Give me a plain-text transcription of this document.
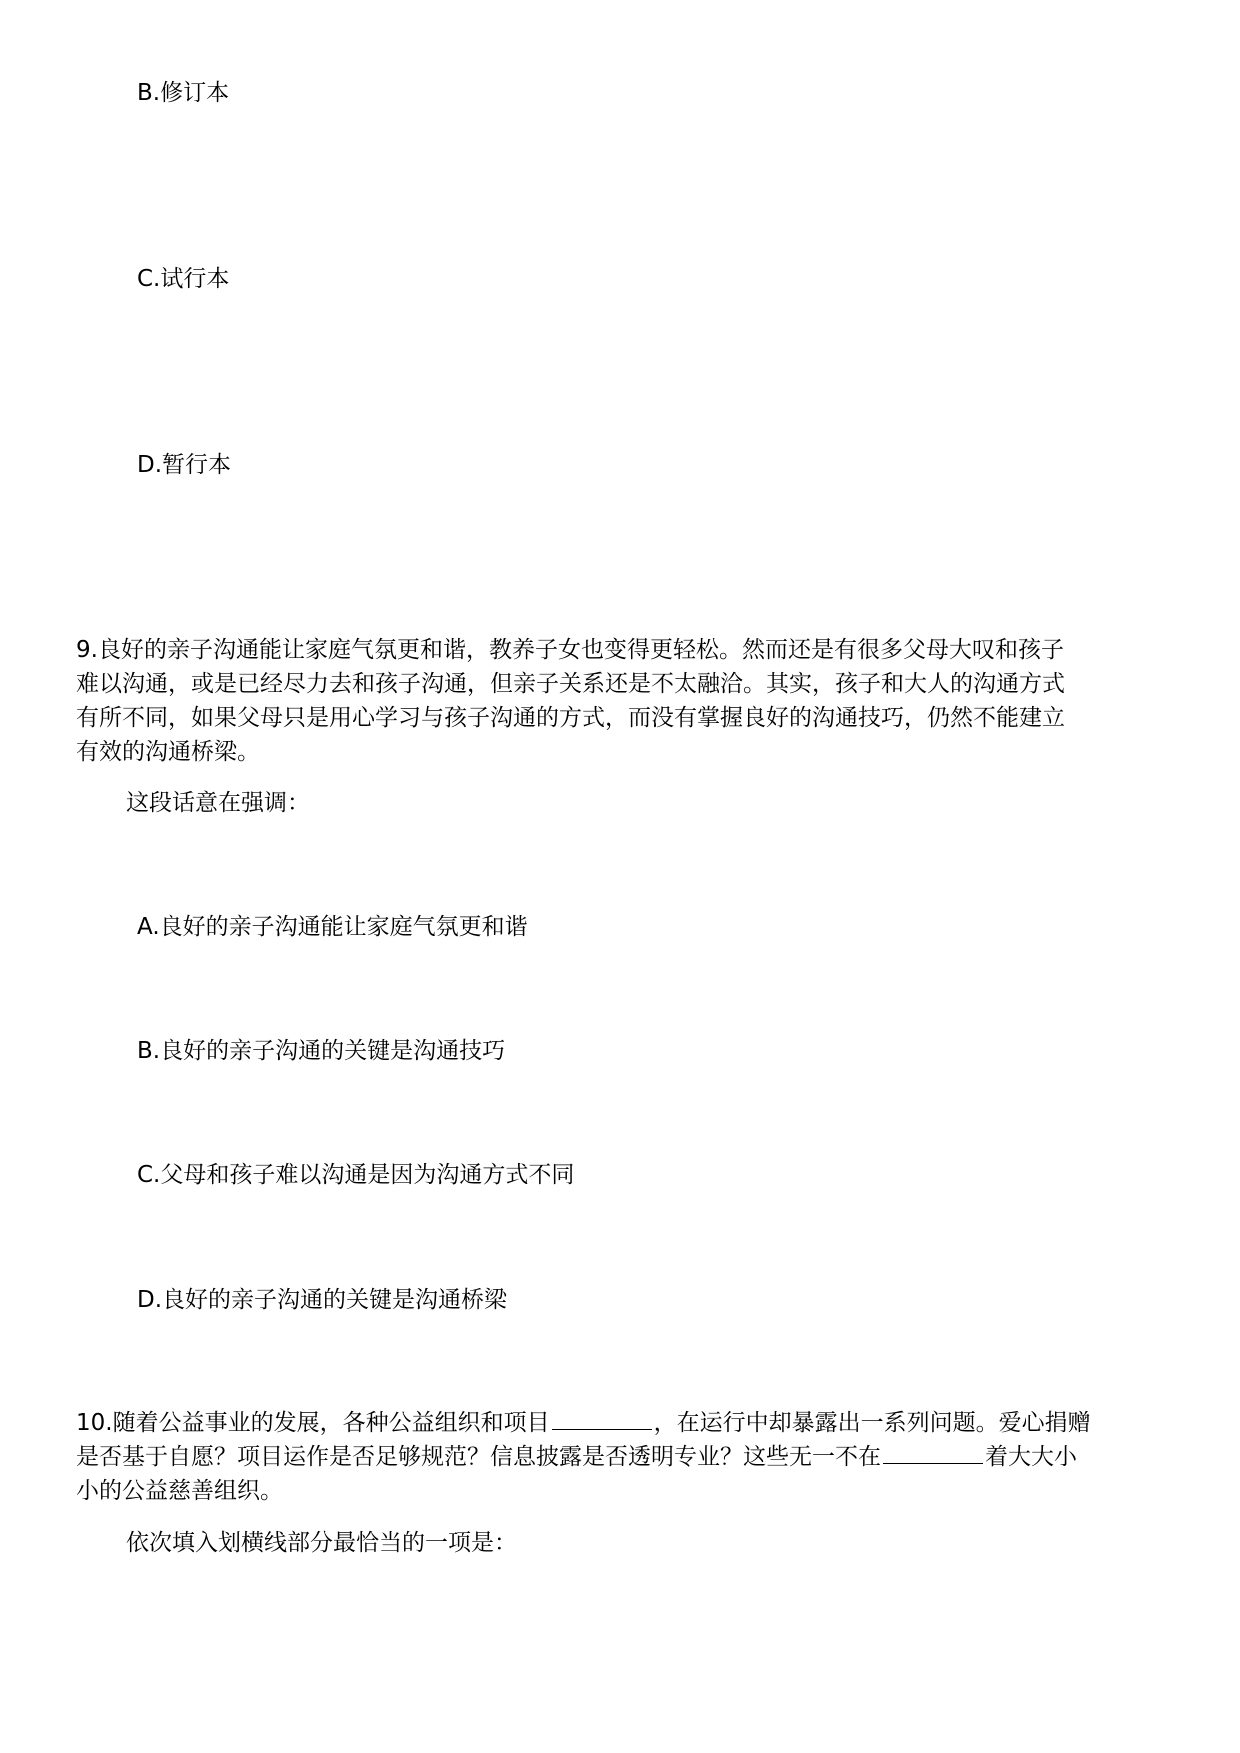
B.修订本

C.试行本

D.暂行本

9.良好的亲子沟通能让家庭气氛更和谐，教养子女也变得更轻松。然而还是有很多父母大叹和孩子
难以沟通，或是已经尽力去和孩子沟通，但亲子关系还是不太融洽。其实，孩子和大人的沟通方式
有所不同，如果父母只是用心学习与孩子沟通的方式，而没有掌握良好的沟通技巧，仍然不能建立
有效的沟通桥梁。

这段话意在强调：

A.良好的亲子沟通能让家庭气氛更和谐

B.良好的亲子沟通的关键是沟通技巧

C.父母和孩子难以沟通是因为沟通方式不同

D.良好的亲子沟通的关键是沟通桥梁

10.随着公益事业的发展，各种公益组织和项目	，在运行中却暴露出一系列问题。爱心捐赠
是否基于自愿？项目运作是否足够规范？信息披露是否透明专业？这些无一不在	着大大小
小的公益慈善组织。

依次填入划横线部分最恰当的一项是：
